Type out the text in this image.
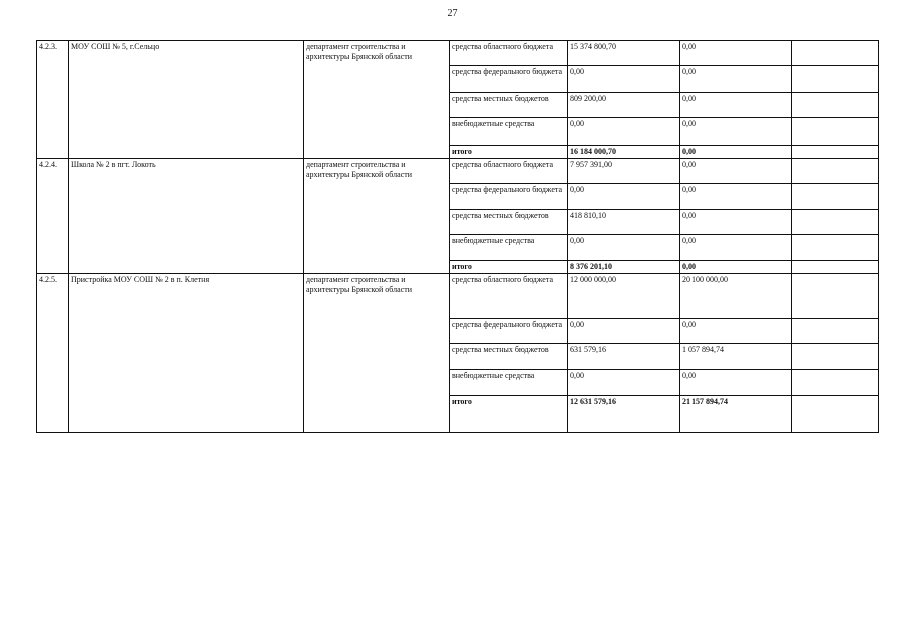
27
4.2.3.	МОУ СОШ № 5, г.Сельцо	департамент строительства и архитектуры Брянской области	средства областного бюджета	15 374 800,70	0,00	
			средства федерального бюджета	0,00	0,00	
			средства местных бюджетов	809 200,00	0,00	
			внебюджетные средства	0,00	0,00	
			итого	16 184 000,70	0,00	
4.2.4.	Школа № 2 в пгт. Локоть	департамент строительства и архитектуры Брянской области	средства областного бюджета	7 957 391,00	0,00	
			средства федерального бюджета	0,00	0,00	
			средства местных бюджетов	418 810,10	0,00	
			внебюджетные средства	0,00	0,00	
			итого	8 376 201,10	0,00	
4.2.5.	Пристройка МОУ СОШ № 2 в п. Клетня	департамент строительства и архитектуры Брянской области	средства областного бюджета	12 000 000,00	20 100 000,00	
			средства федерального бюджета	0,00	0,00	
			средства местных бюджетов	631 579,16	1 057 894,74	
			внебюджетные средства	0,00	0,00	
			итого	12 631 579,16	21 157 894,74	
